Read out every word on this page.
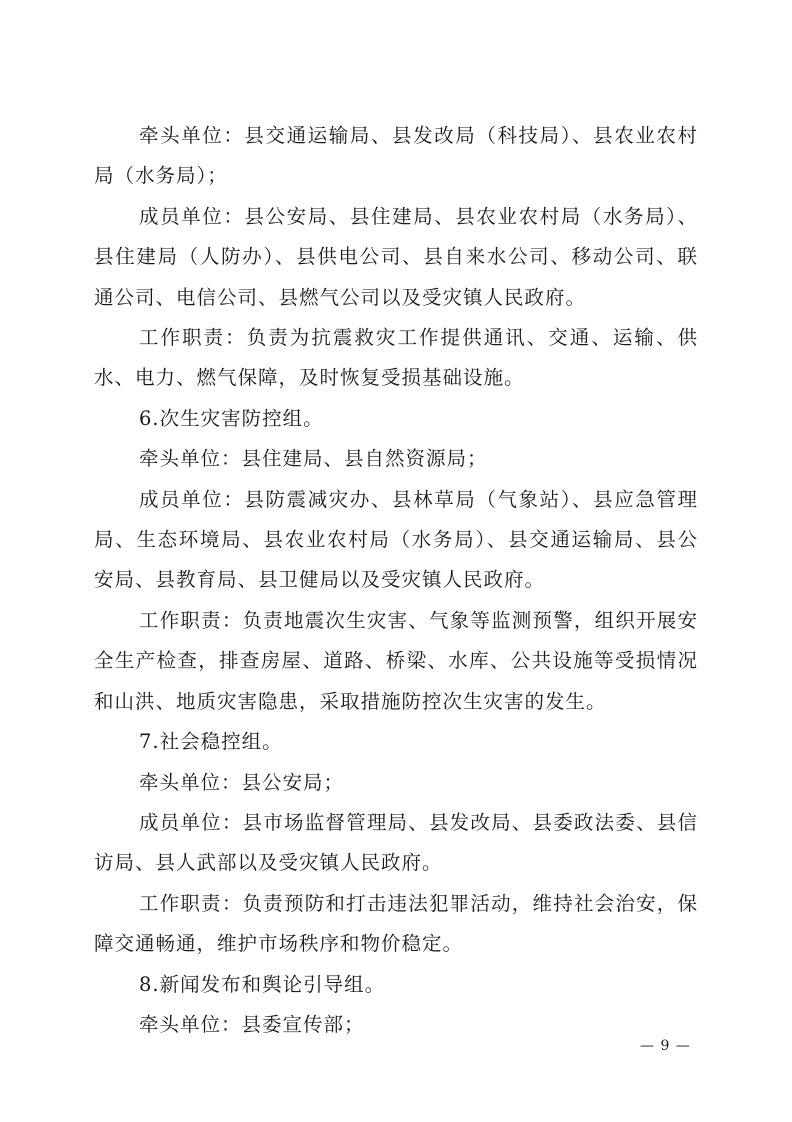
牵头单位：县交通运输局、县发改局（科技局）、县农业农村局（水务局）；

成员单位：县公安局、县住建局、县农业农村局（水务局）、县住建局（人防办）、县供电公司、县自来水公司、移动公司、联通公司、电信公司、县燃气公司以及受灾镇人民政府。

工作职责：负责为抗震救灾工作提供通讯、交通、运输、供水、电力、燃气保障，及时恢复受损基础设施。

6.次生灾害防控组。

牵头单位：县住建局、县自然资源局；

成员单位：县防震减灾办、县林草局（气象站）、县应急管理局、生态环境局、县农业农村局（水务局）、县交通运输局、县公安局、县教育局、县卫健局以及受灾镇人民政府。

工作职责：负责地震次生灾害、气象等监测预警，组织开展安全生产检查，排查房屋、道路、桥梁、水库、公共设施等受损情况和山洪、地质灾害隐患，采取措施防控次生灾害的发生。

7.社会稳控组。

牵头单位：县公安局；

成员单位：县市场监督管理局、县发改局、县委政法委、县信访局、县人武部以及受灾镇人民政府。

工作职责：负责预防和打击违法犯罪活动，维持社会治安，保障交通畅通，维护市场秩序和物价稳定。

8.新闻发布和舆论引导组。

牵头单位：县委宣传部；

— 9 —
